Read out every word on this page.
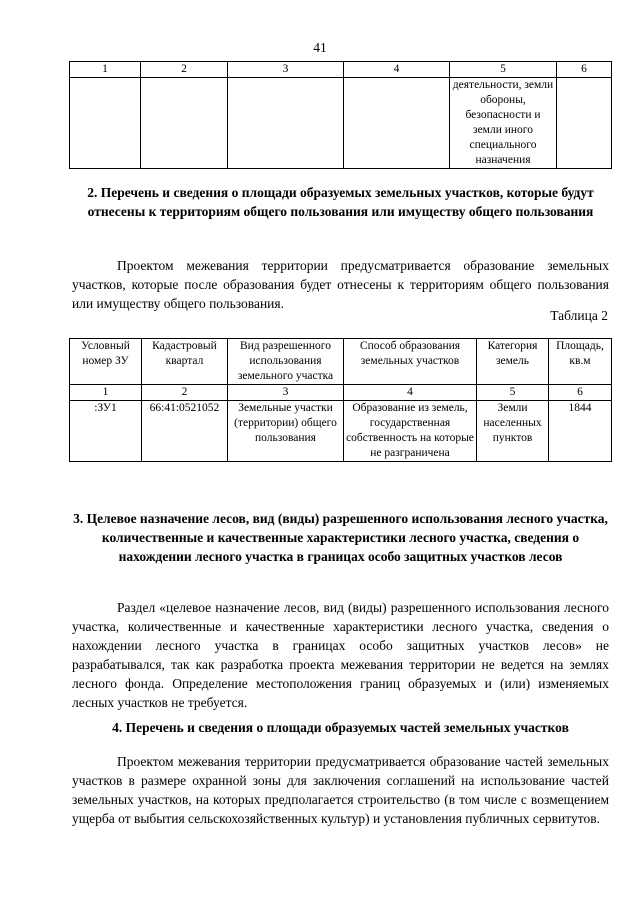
41
1	2	3	4	5	6
				деятельности, земли обороны, безопасности и земли иного специального назначения	
2. Перечень и сведения о площади образуемых земельных участков, которые будут отнесены к территориям общего пользования или имуществу общего пользования
Проектом межевания территории предусматривается образование земельных участков, которые после образования будет отнесены к территориям общего пользования или имуществу общего пользования.
Таблица 2
Условный номер ЗУ	Кадастровый квартал	Вид разрешенного использования земельного участка	Способ образования земельных участков	Категория земель	Площадь, кв.м
1	2	3	4	5	6
:ЗУ1	66:41:0521052	Земельные участки (территории) общего пользования	Образование из земель, государственная собственность на которые не разграничена	Земли населенных пунктов	1844
3. Целевое назначение лесов, вид (виды) разрешенного использования лесного участка, количественные и качественные характеристики лесного участка, сведения о нахождении лесного участка в границах особо защитных участков лесов
Раздел «целевое назначение лесов, вид (виды) разрешенного использования лесного участка, количественные и качественные характеристики лесного участка, сведения о нахождении лесного участка в границах особо защитных участков лесов» не разрабатывался, так как разработка проекта межевания территории не ведется на землях лесного фонда. Определение местоположения границ образуемых и (или) изменяемых лесных участков не требуется.
4. Перечень и сведения о площади образуемых частей земельных участков
Проектом межевания территории предусматривается образование частей земельных участков в размере охранной зоны для заключения соглашений на использование частей земельных участков, на которых предполагается строительство (в том числе с возмещением ущерба от выбытия сельскохозяйственных культур) и установления публичных сервитутов.
